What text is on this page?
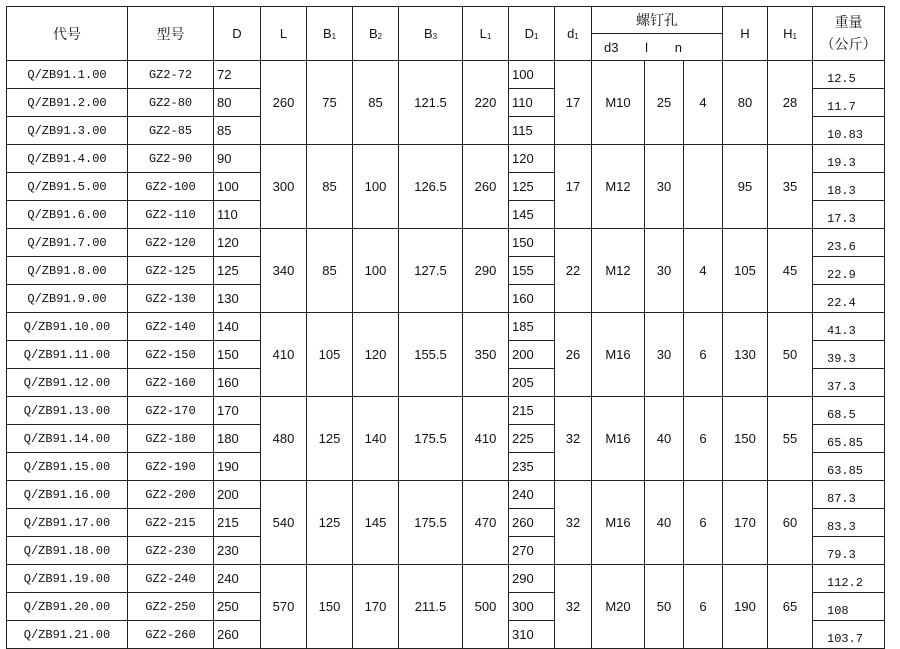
代号	型号	D	L	B1	B2	B3	L1	D1	d1	螺钉孔			H	H1	重量
（公斤）

										d3 l n					

Q/ZB91.1.00	GZ2-72	72	260	75	85	121.5	220	100	17	M10	25	4	80	28	12.5
Q/ZB91.2.00	GZ2-80	80						110							11.7
Q/ZB91.3.00	GZ2-85	85						115							10.83
Q/ZB91.4.00	GZ2-90	90	300	85	100	126.5	260	120	17	M12	30		95	35	19.3
Q/ZB91.5.00	GZ2-100	100						125							18.3
Q/ZB91.6.00	GZ2-110	110						145							17.3
Q/ZB91.7.00	GZ2-120	120	340	85	100	127.5	290	150	22	M12	30	4	105	45	23.6
Q/ZB91.8.00	GZ2-125	125						155							22.9
Q/ZB91.9.00	GZ2-130	130						160							22.4
Q/ZB91.10.00	GZ2-140	140	410	105	120	155.5	350	185	26	M16	30	6	130	50	41.3
Q/ZB91.11.00	GZ2-150	150						200							39.3
Q/ZB91.12.00	GZ2-160	160						205							37.3
Q/ZB91.13.00	GZ2-170	170	480	125	140	175.5	410	215	32	M16	40	6	150	55	68.5
Q/ZB91.14.00	GZ2-180	180						225							65.85
Q/ZB91.15.00	GZ2-190	190						235							63.85
Q/ZB91.16.00	GZ2-200	200	540	125	145	175.5	470	240	32	M16	40	6	170	60	87.3
Q/ZB91.17.00	GZ2-215	215						260							83.3
Q/ZB91.18.00	GZ2-230	230						270							79.3
Q/ZB91.19.00	GZ2-240	240	570	150	170	211.5	500	290	32	M20	50	6	190	65	112.2
Q/ZB91.20.00	GZ2-250	250						300							108
Q/ZB91.21.00	GZ2-260	260						310							103.7
